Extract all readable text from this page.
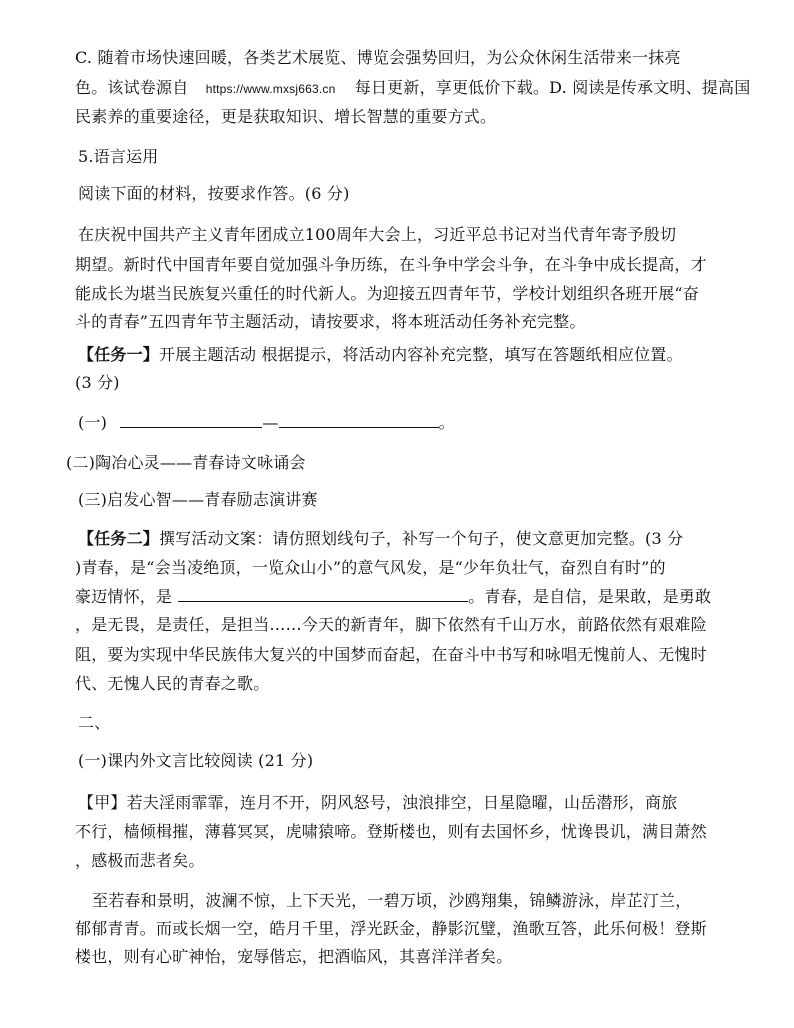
C. 随着市场快速回暖，各类艺术展览、博览会强势回归，为公众休闲生活带来一抹亮
色。该试卷源自 https://www.mxsj663.cn 每日更新，享更低价下载。D. 阅读是传承文明、提高国
民素养的重要途径，更是获取知识、增长智慧的重要方式。
5.语言运用
阅读下面的材料，按要求作答。(6 分)
在庆祝中国共产主义青年团成立100周年大会上，习近平总书记对当代青年寄予殷切
期望。新时代中国青年要自觉加强斗争历练，在斗争中学会斗争，在斗争中成长提高，才
能成长为堪当民族复兴重任的时代新人。为迎接五四青年节，学校计划组织各班开展“奋
斗的青春”五四青年节主题活动，请按要求，将本班活动任务补充完整。
【任务一】开展主题活动 根据提示，将活动内容补充完整，填写在答题纸相应位置。
(3 分)
(一)	—	。
(二)陶冶心灵——青春诗文咏诵会
(三)启发心智——青春励志演讲赛
【任务二】撰写活动文案：请仿照划线句子，补写一个句子，使文意更加完整。(3 分
)青春，是“会当凌绝顶，一览众山小”的意气风发，是“少年负壮气，奋烈自有时”的
豪迈情怀，是	。青春，是自信，是果敢，是勇敢
，是无畏，是责任，是担当……今天的新青年，脚下依然有千山万水，前路依然有艰难险
阻，要为实现中华民族伟大复兴的中国梦而奋起，在奋斗中书写和咏唱无愧前人、无愧时
代、无愧人民的青春之歌。
二、
(一)课内外文言比较阅读 (21 分)
【甲】若夫淫雨霏霏，连月不开，阴风怒号，浊浪排空，日星隐曜，山岳潜形，商旅
不行，樯倾楫摧，薄暮冥冥，虎啸猿啼。登斯楼也，则有去国怀乡，忧谗畏讥，满目萧然
，感极而悲者矣。
至若春和景明，波澜不惊，上下天光，一碧万顷，沙鸥翔集，锦鳞游泳，岸芷汀兰，
郁郁青青。而或长烟一空，皓月千里，浮光跃金，静影沉璧，渔歌互答，此乐何极！登斯
楼也，则有心旷神怡，宠辱偕忘，把酒临风，其喜洋洋者矣。
